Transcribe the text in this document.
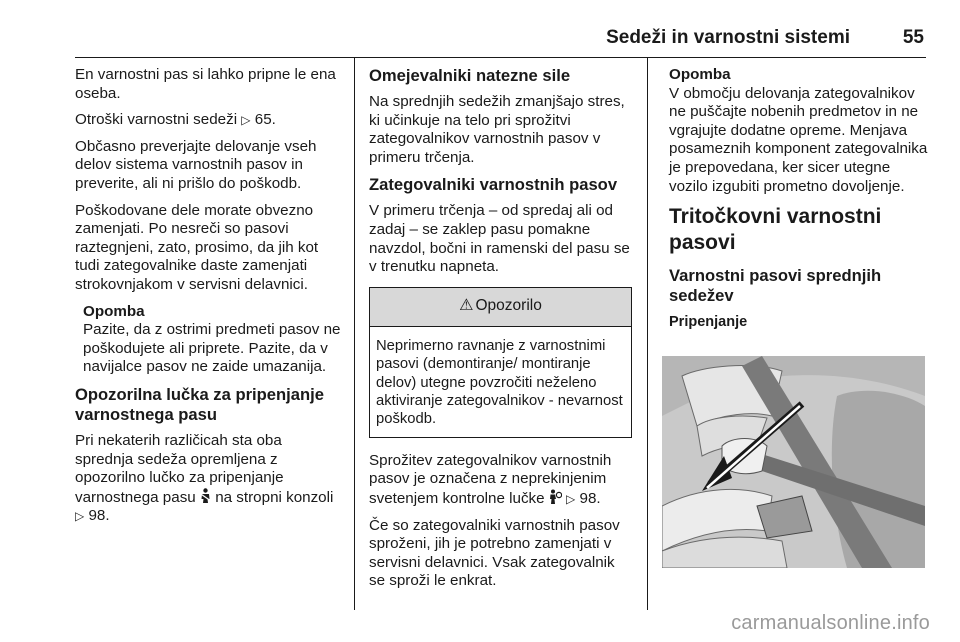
Sedeži in varnostni sistemi	55

En varnostni pas si lahko pripne le ena oseba.

Otroški varnostni sedeži ▷ 65.

Občasno preverjajte delovanje vseh delov sistema varnostnih pasov in preverite, ali ni prišlo do poškodb.

Poškodovane dele morate obvezno zamenjati. Po nesreči so pasovi raztegnjeni, zato, prosimo, da jih kot tudi zategovalnike daste zamenjati strokovnjakom v servisni delavnici.

Opomba
Pazite, da z ostrimi predmeti pasov ne poškodujete ali priprete. Pazite, da v navijalce pasov ne zaide umazanija.
Opozorilna lučka za pripenjanje varnostnega pasu

Pri nekaterih različicah sta oba sprednja sedeža opremljena z opozorilno lučko za pripenjanje varnostnega pasu  na stropni konzoli ▷ 98.

Omejevalniki natezne sile

Na sprednjih sedežih zmanjšajo stres, ki učinkuje na telo pri sprožitvi zategovalnikov varnostnih pasov v primeru trčenja.

Zategovalniki varnostnih pasov

V primeru trčenja – od spredaj ali od zadaj – se zaklep pasu pomakne navzdol, bočni in ramenski del pasu se v trenutku napneta.

⚠ Opozorilo
Neprimerno ravnanje z varnostnimi pasovi (demontiranje/ montiranje delov) utegne povzročiti neželeno aktiviranje zategovalnikov - nevarnost poškodb.

Sprožitev zategovalnikov varnostnih pasov je označena z neprekinjenim svetenjem kontrolne lučke  ▷ 98.

Če so zategovalniki varnostnih pasov sproženi, jih je potrebno zamenjati v servisni delavnici. Vsak zategovalnik se sproži le enkrat.

Opomba
V območju delovanja zategovalnikov ne puščajte nobenih predmetov in ne vgrajujte dodatne opreme. Menjava posameznih komponent zategovalnika je prepovedana, ker sicer utegne vozilo izgubiti prometno dovoljenje.
Tritočkovni varnostni pasovi
Varnostni pasovi sprednjih sedežev
Pripenjanje
carmanualsonline.info
